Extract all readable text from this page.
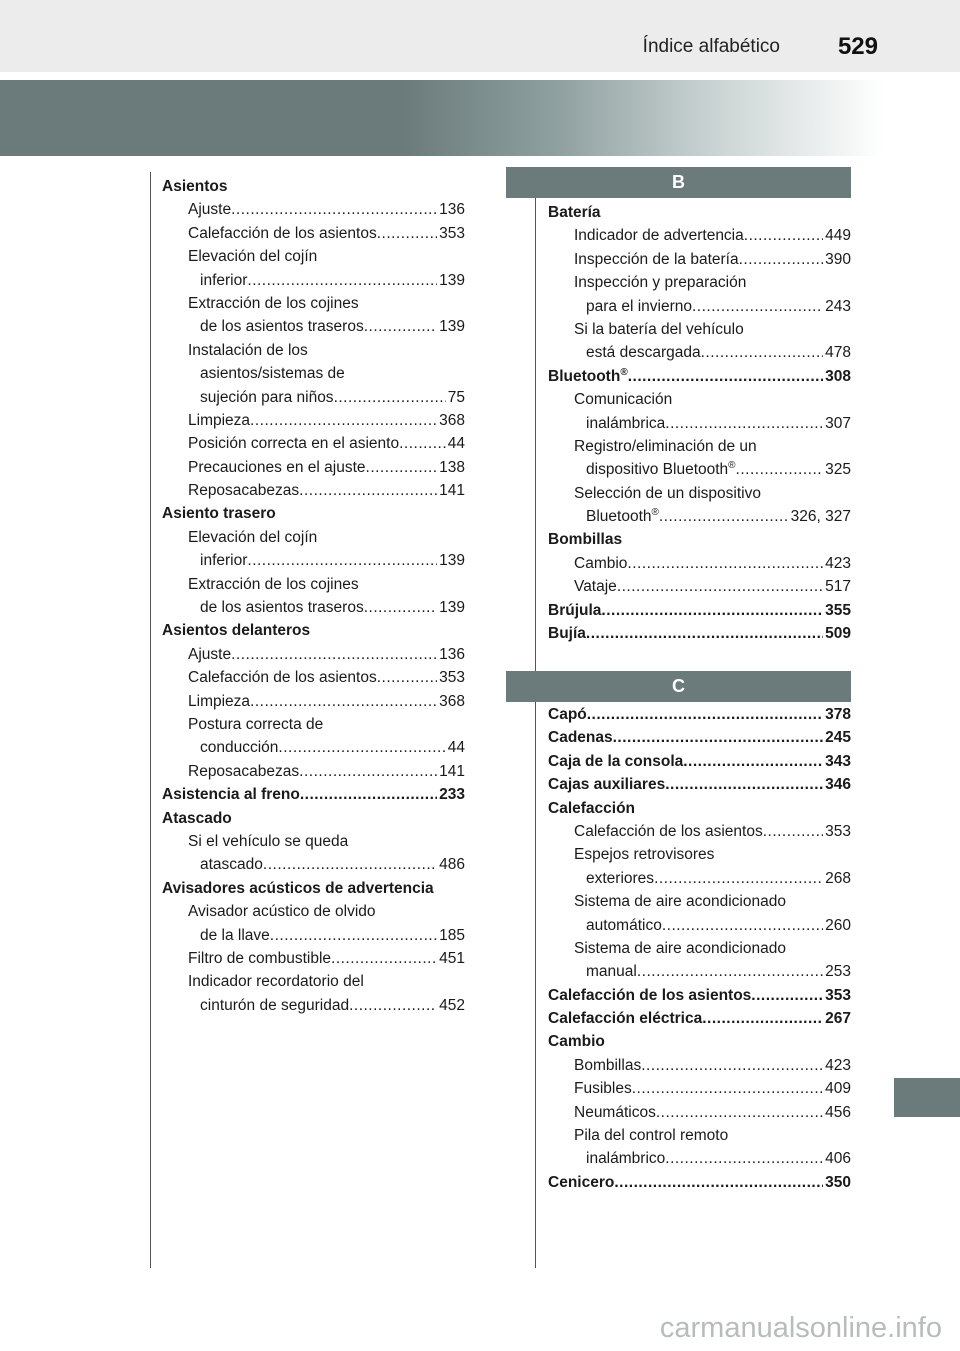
Índice alfabético 529
Asientos
Ajuste .....	136
Calefacción de los asientos .....	353
Elevación del cojín
inferior .....	139
Extracción de los cojines
de los asientos traseros .....	139
Instalación de los
asientos/sistemas de
sujeción para niños .....	75
Limpieza .....	368
Posición correcta en el asiento .....	44
Precauciones en el ajuste .....	138
Reposacabezas .....	141
Asiento trasero
Elevación del cojín
inferior .....	139
Extracción de los cojines
de los asientos traseros .....	139
Asientos delanteros
Ajuste .....	136
Calefacción de los asientos .....	353
Limpieza .....	368
Postura correcta de
conducción .....	44
Reposacabezas .....	141
Asistencia al freno .....	233
Atascado
Si el vehículo se queda
atascado .....	486
Avisadores acústicos de advertencia
Avisador acústico de olvido
de la llave .....	185
Filtro de combustible .....	451
Indicador recordatorio del
cinturón de seguridad .....	452
B
Batería
Indicador de advertencia .....	449
Inspección de la batería .....	390
Inspección y preparación
para el invierno .....	243
Si la batería del vehículo
está descargada .....	478
Bluetooth® .....	308
Comunicación
inalámbrica .....	307
Registro/eliminación de un
dispositivo Bluetooth® .....	325
Selección de un dispositivo
Bluetooth® .....	326, 327
Bombillas
Cambio .....	423
Vataje .....	517
Brújula .....	355
Bujía .....	509
C
Capó .....	378
Cadenas .....	245
Caja de la consola .....	343
Cajas auxiliares .....	346
Calefacción
Calefacción de los asientos .....	353
Espejos retrovisores
exteriores .....	268
Sistema de aire acondicionado
automático .....	260
Sistema de aire acondicionado
manual .....	253
Calefacción de los asientos .....	353
Calefacción eléctrica .....	267
Cambio
Bombillas .....	423
Fusibles .....	409
Neumáticos .....	456
Pila del control remoto
inalámbrico .....	406
Cenicero .....	350
carmanualsonline.info
